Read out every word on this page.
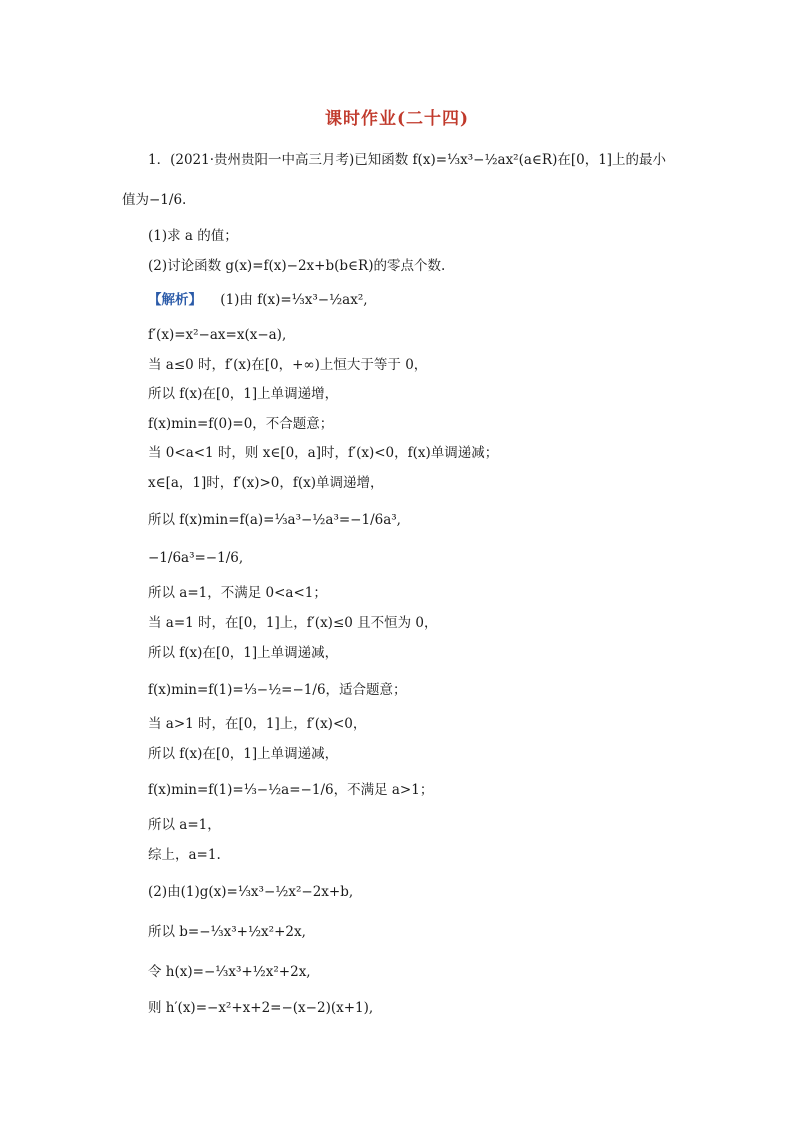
课时作业(二十四)
1．(2021·贵州贵阳一中高三月考)已知函数 f(x)=⅓x³−½ax²(a∈R)在[0，1]上的最小
值为−1/6.
(1)求 a 的值；
(2)讨论函数 g(x)=f(x)−2x+b(b∈R)的零点个数.
【解析】 (1)由 f(x)=⅓x³−½ax²,
f′(x)=x²−ax=x(x−a),
当 a≤0 时，f′(x)在[0，+∞)上恒大于等于 0，
所以 f(x)在[0，1]上单调递增，
f(x)min=f(0)=0，不合题意；
当 0<a<1 时，则 x∈[0，a]时，f′(x)<0，f(x)单调递减；
x∈[a，1]时，f′(x)>0，f(x)单调递增，
所以 f(x)min=f(a)=⅓a³−½a³=−1/6a³,
−1/6a³=−1/6,
所以 a=1，不满足 0<a<1；
当 a=1 时，在[0，1]上，f′(x)≤0 且不恒为 0，
所以 f(x)在[0，1]上单调递减，
f(x)min=f(1)=⅓−½=−1/6，适合题意；
当 a>1 时，在[0，1]上，f′(x)<0，
所以 f(x)在[0，1]上单调递减，
f(x)min=f(1)=⅓−½a=−1/6，不满足 a>1；
所以 a=1，
综上，a=1.
(2)由(1)g(x)=⅓x³−½x²−2x+b,
所以 b=−⅓x³+½x²+2x,
令 h(x)=−⅓x³+½x²+2x,
则 h′(x)=−x²+x+2=−(x−2)(x+1),
